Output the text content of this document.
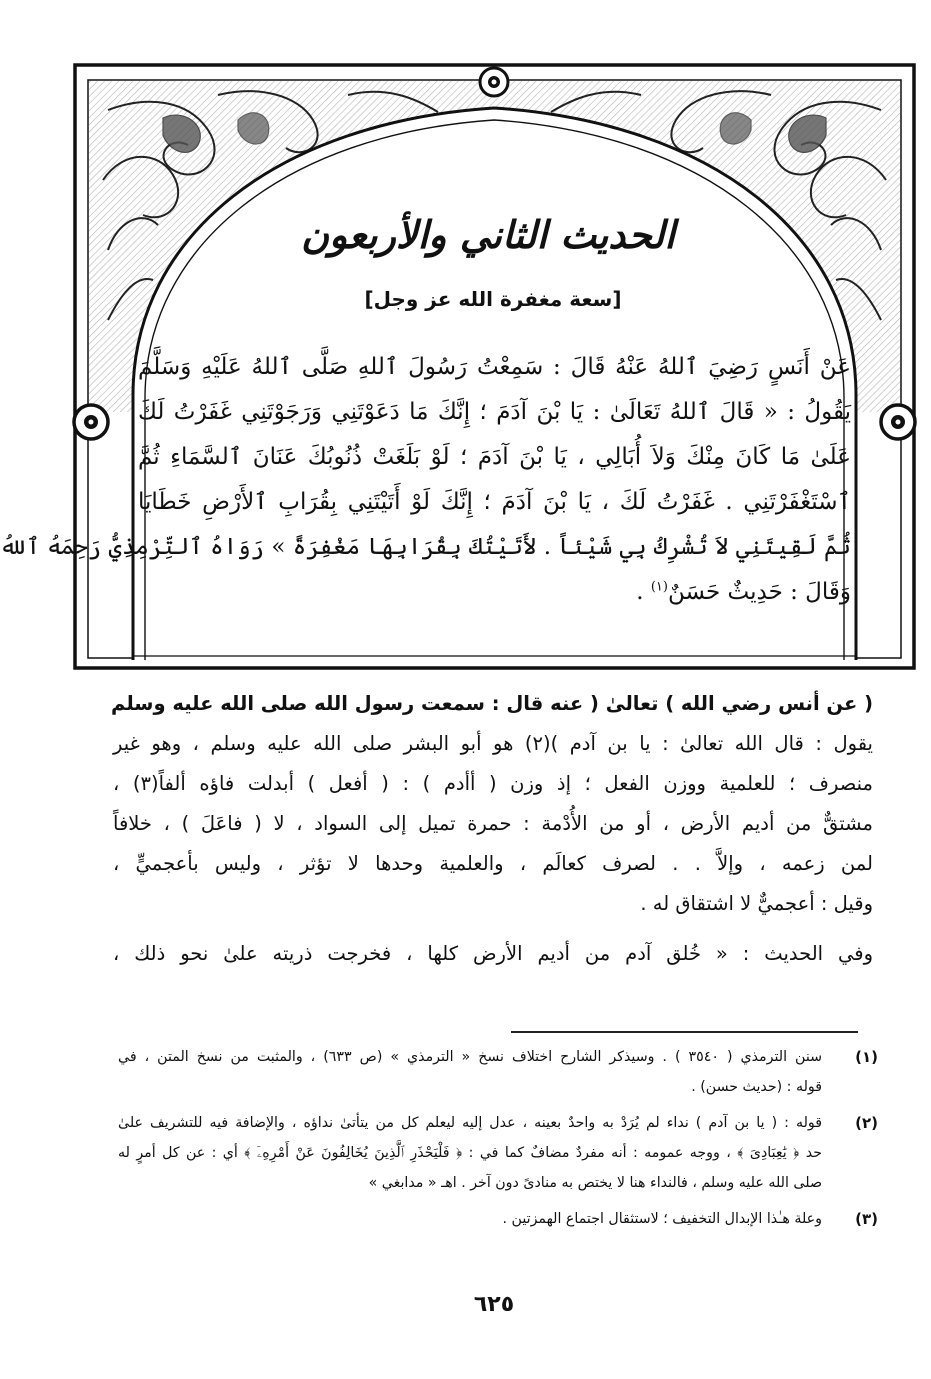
الحديث الثاني والأربعون
[سعة مغفرة الله عز وجل]
عَنْ أَنَسٍ رَضِيَ ٱللهُ عَنْهُ قَالَ : سَمِعْتُ رَسُولَ ٱللهِ صَلَّى ٱللهُ عَلَيْهِ وَسَلَّمَ
يَقُولُ : « قَالَ ٱللهُ تَعَالَىٰ : يَا بْنَ آدَمَ ؛ إِنَّكَ مَا دَعَوْتَنِي وَرَجَوْتَنِي غَفَرْتُ لَكَ
عَلَىٰ مَا كَانَ مِنْكَ وَلاَ أُبَالِي ، يَا بْنَ آدَمَ ؛ لَوْ بَلَغَتْ ذُنُوبُكَ عَنَانَ ٱلسَّمَاءِ ثُمَّ
ٱسْتَغْفَرْتَنِي . غَفَرْتُ لَكَ ، يَا بْنَ آدَمَ ؛ إِنَّكَ لَوْ أَتَيْتَنِي بِقُرَابِ ٱلأَرْضِ خَطَايَا
ثُمَّ لَقِيتَنِي لاَ تُشْرِكُ بِي شَيْئاً . لأَتَيْتُكَ بِقُرَابِهَا مَغْفِرَةً » رَوَاهُ ٱلتِّرْمِذِيُّ رَحِمَهُ ٱللهُ
وَقَالَ : حَدِيثٌ حَسَنٌ$^{(١)}$ .
( عن أنس رضي الله ) تعالىٰ ( عنه قال : سمعت رسول الله صلى الله عليه وسلم
يقول : قال الله تعالىٰ : يا بن آدم )(٢) هو أبو البشر صلى الله عليه وسلم ، وهو غير
منصرف ؛ للعلمية ووزن الفعل ؛ إذ وزن ( أأدم ) : ( أفعل ) أبدلت فاؤه ألفاً(٣) ،
مشتقٌّ من أديم الأرض ، أو من الأُدْمة : حمرة تميل إلى السواد ، لا ( فاعَلَ ) ، خلافاً
لمن زعمه ، وإلاَّ . . لصرف كعالَم ، والعلمية وحدها لا تؤثر ، وليس بأعجميٍّ ،
وقيل : أعجميٌّ لا اشتقاق له .
وفي الحديث : « خُلق آدم من أديم الأرض كلها ، فخرجت ذريته علىٰ نحو ذلك ،
(١)
سنن الترمذي ( ٣٥٤٠ ) . وسيذكر الشارح اختلاف نسخ « الترمذي » (ص ٦٣٣) ، والمثبت من نسخ المتن ، في
قوله : (حديث حسن) .
(٢)
قوله : ( يا بن آدم ) نداء لم يُرَدْ به واحدٌ بعينه ، عدل إليه ليعلم كل من يتأتىٰ نداؤه ، والإضافة فيه للتشريف علىٰ
حد ﴿ يَٰعِبَادِىَ ﴾ ، ووجه عمومه : أنه مفردٌ مضافٌ كما في : ﴿ فَلْيَحْذَرِ ٱلَّذِينَ يُخَالِفُونَ عَنْ أَمْرِهِۦٓ ﴾ أي : عن كل أمرٍ له
صلى الله عليه وسلم ، فالنداء هنا لا يختص به منادىً دون آخر . اهـ « مدابغي »
(٣)
وعلة هـٰذا الإبدال التخفيف ؛ لاستثقال اجتماع الهمزتين .
٦٢٥
